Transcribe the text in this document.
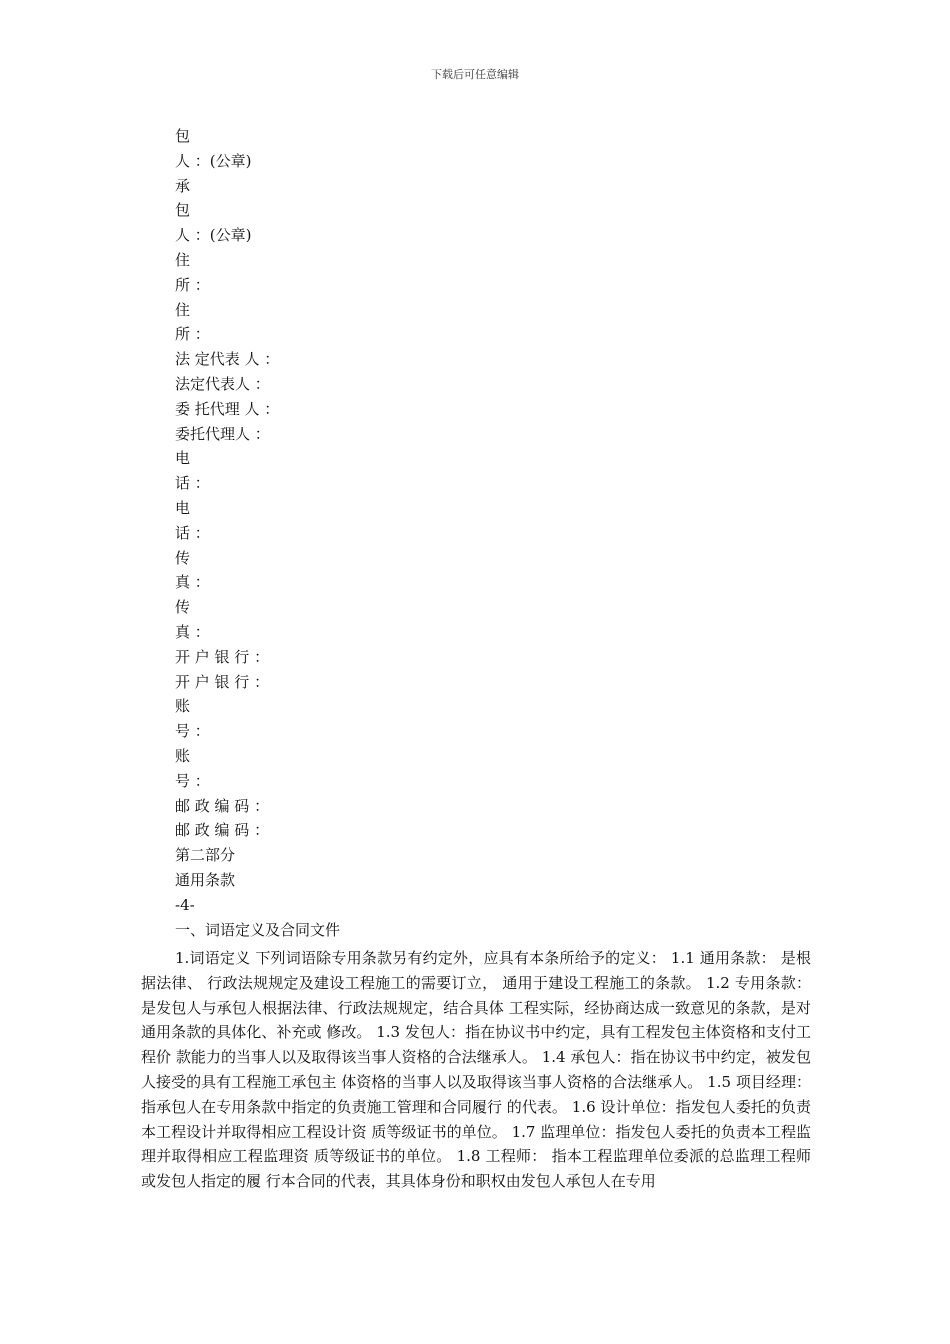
下载后可任意编辑
包
人 ：(公章)
承
包
人 ：(公章)
住
所 ：
住
所 ：
法 定代表 人 ：
法定代表人 ：
委 托代理 人 ：
委托代理人 ：
电
话 ：
电
话 ：
传
真 ：
传
真 ：
开 户 银 行 ：
开 户 银 行 ：
账
号 ：
账
号 ：
邮 政 编 码 ：
邮 政 编 码 ：
第二部分
通用条款
-4-
一、词语定义及合同文件
1.词语定义 下列词语除专用条款另有约定外，应具有本条所给予的定义： 1.1 通用条款： 是根据法律、 行政法规规定及建设工程施工的需要订立， 通用于建设工程施工的条款。 1.2 专用条款：是发包人与承包人根据法律、行政法规规定，结合具体 工程实际，经协商达成一致意见的条款，是对通用条款的具体化、补充或 修改。 1.3 发包人：指在协议书中约定，具有工程发包主体资格和支付工程价 款能力的当事人以及取得该当事人资格的合法继承人。 1.4 承包人：指在协议书中约定，被发包人接受的具有工程施工承包主 体资格的当事人以及取得该当事人资格的合法继承人。 1.5 项目经理：指承包人在专用条款中指定的负责施工管理和合同履行 的代表。 1.6 设计单位：指发包人委托的负责本工程设计并取得相应工程设计资 质等级证书的单位。 1.7 监理单位：指发包人委托的负责本工程监理并取得相应工程监理资 质等级证书的单位。 1.8 工程师： 指本工程监理单位委派的总监理工程师或发包人指定的履 行本合同的代表，其具体身份和职权由发包人承包人在专用
